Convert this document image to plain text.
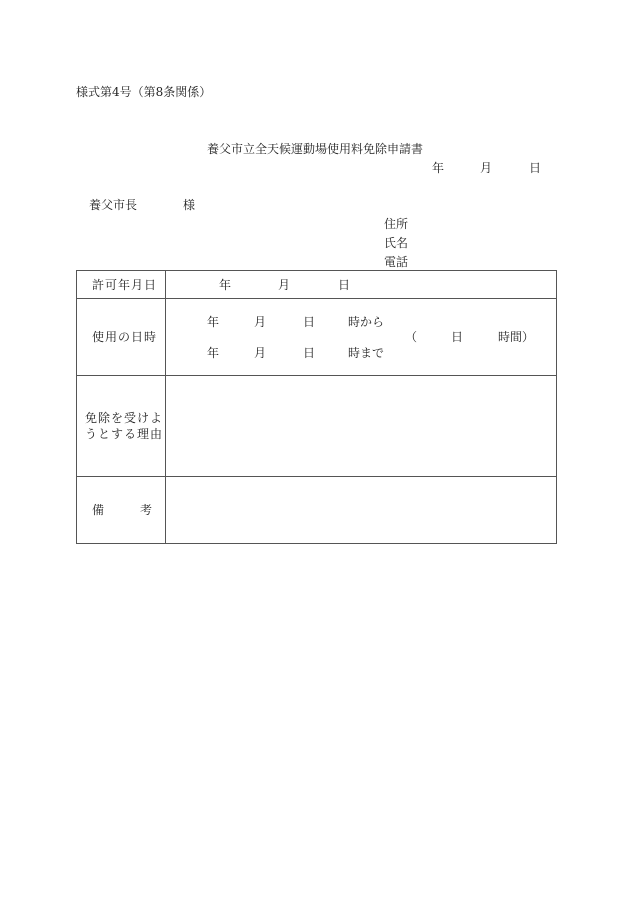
様式第4号（第8条関係）
養父市立全天候運動場使用料免除申請書
年	月	日
養父市長	様
住所
氏名
電話
許可年月日	年	月	日
使用の日時
年	月	日	時から
年	月	日	時まで
（	日	時間）
免除を受けよ
うとする理由
備	考
